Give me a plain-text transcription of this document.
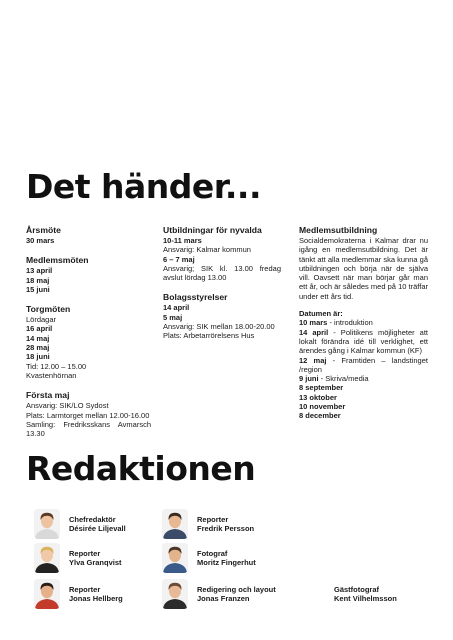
Det händer...
Årsmöte
30 mars
Medlemsmöten
13 april
18 maj
15 juni
Torgmöten
Lördagar
16 april
14 maj
28 maj
18 juni
Tid: 12.00 – 15.00
Kvastenhörnan
Första maj
Ansvarig: SIK/LO Sydost
Plats: Larmtorget mellan 12.00-16.00
Samling: Fredriksskans Avmarsch 13.30
Utbildningar för nyvalda
10-11 mars
Ansvarig: Kalmar kommun
6 – 7 maj
Ansvarig; SIK kl. 13.00 fredag avslut lördag 13.00
Bolagsstyrelser
14 april
5 maj
Ansvarig: SIK mellan 18.00-20.00
Plats: Arbetarrörelsens Hus
Medlemsutbildning
Socialdemokraterna i Kalmar drar nu igång en medlemsutbildning. Det är tänkt att alla medlemmar ska kunna gå utbildningen och börja när de själva vill. Oavsett när man börjar går man ett år, och är således med på 10 träffar under ett års tid.
Datumen är:
10 mars - introduktion
14 april - Politikens möjligheter att lokalt förändra idé till verklighet, ett ärendes gång i Kalmar kommun (KF)
12 maj - Framtiden – landstinget /region
9 juni - Skriva/media
8 september
13 oktober
10 november
8 december
Redaktionen
Chefredaktör
Désirée Liljevall
Reporter
Fredrik Persson
Reporter
Ylva Granqvist
Fotograf
Moritz Fingerhut
Reporter
Jonas Hellberg
Redigering och layout
Jonas Franzen
Gästfotograf
Kent Vilhelmsson
